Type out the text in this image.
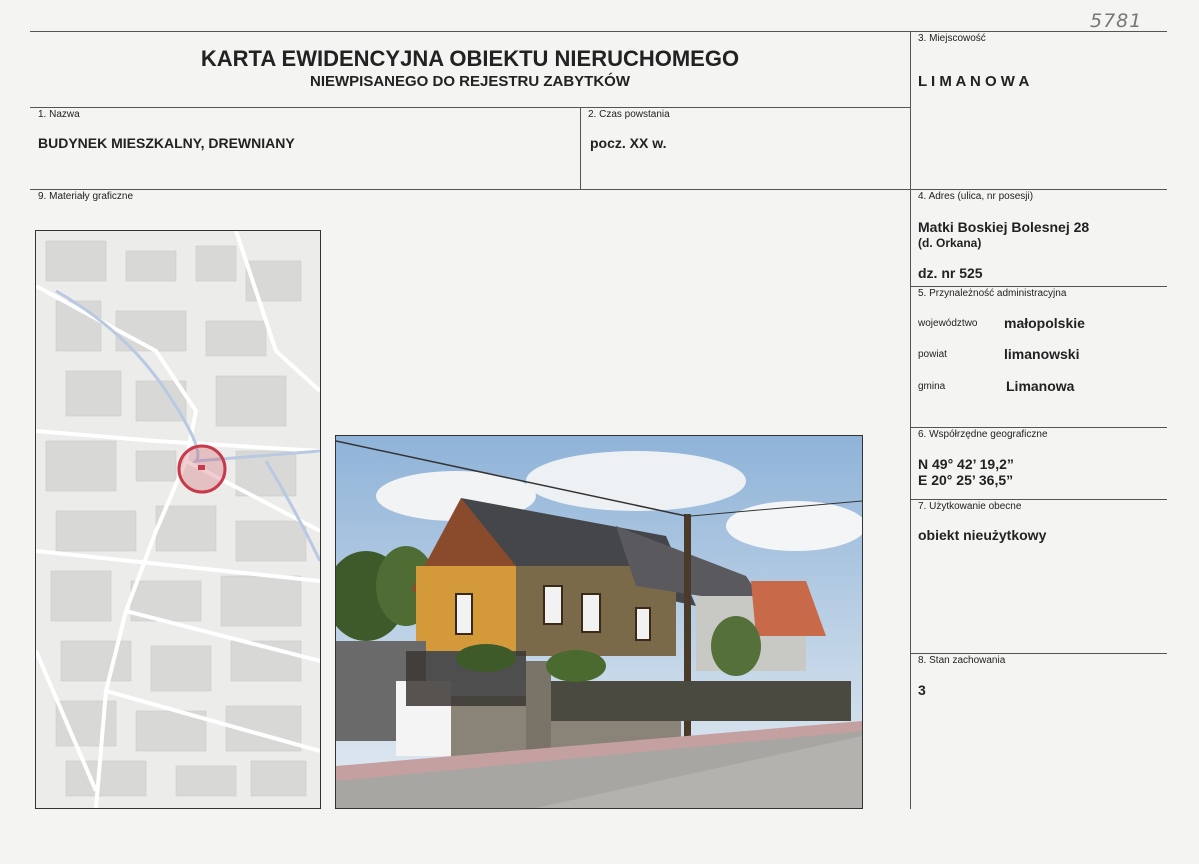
5781
KARTA EWIDENCYJNA OBIEKTU NIERUCHOMEGO
NIEWPISANEGO DO REJESTRU ZABYTKÓW
1. Nazwa
BUDYNEK MIESZKALNY, DREWNIANY
2. Czas powstania
pocz. XX w.
3. Miejscowość
L I M A N O W A
9. Materiały graficzne	4. Adres (ulica, nr posesji)
Matki Boskiej Bolesnej 28
(d. Orkana)
dz. nr 525
5. Przynależność administracyjna
województwo małopolskie
powiat	limanowski
gmina	Limanowa
6. Współrzędne geograficzne
N 49° 42’ 19,2”
E 20° 25’ 36,5”
7. Użytkowanie obecne
obiekt nieużytkowy
8. Stan zachowania
3
